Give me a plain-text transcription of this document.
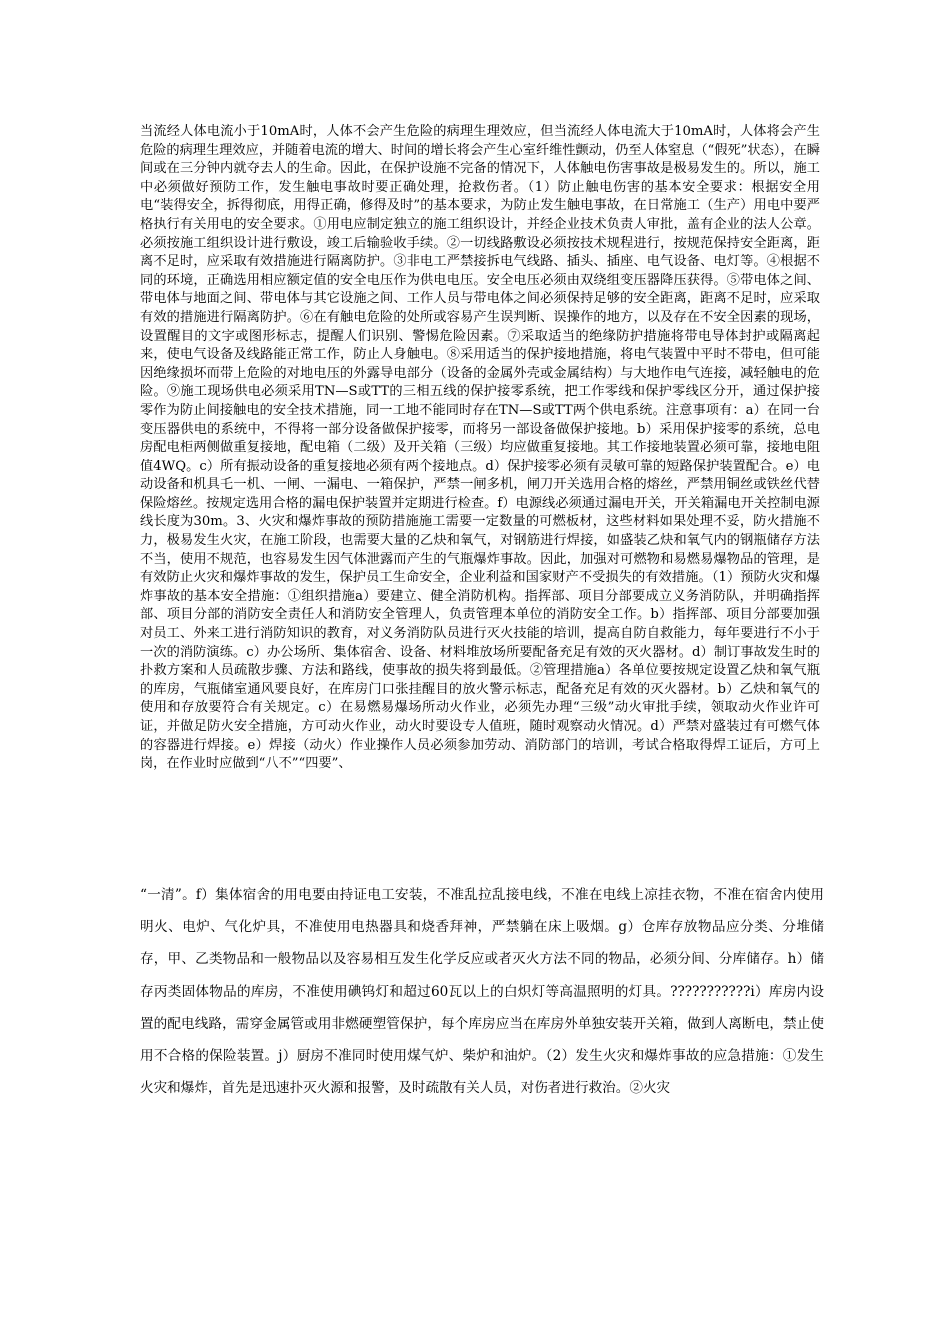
当流经人体电流小于10mA时，人体不会产生危险的病理生理效应，但当流经人体电流大于10mA时，人体将会产生危险的病理生理效应，并随着电流的增大、时间的增长将会产生心室纤维性颤动，仍至人体窒息（“假死”状态），在瞬间或在三分钟内就夺去人的生命。因此，在保护设施不完备的情况下，人体触电伤害事故是极易发生的。所以，施工中必须做好预防工作，发生触电事故时要正确处理，抢救伤者。（1）防止触电伤害的基本安全要求：根据安全用电“装得安全，拆得彻底，用得正确，修得及时”的基本要求，为防止发生触电事故，在日常施工（生产）用电中要严格执行有关用电的安全要求。①用电应制定独立的施工组织设计，并经企业技术负责人审批，盖有企业的法人公章。必须按施工组织设计进行敷设，竣工后输验收手续。②一切线路敷设必须按技术规程进行，按规范保持安全距离，距离不足时，应采取有效措施进行隔离防护。③非电工严禁接拆电气线路、插头、插座、电气设备、电灯等。④根据不同的环境，正确选用相应额定值的安全电压作为供电电压。安全电压必须由双绕组变压器降压获得。⑤带电体之间、带电体与地面之间、带电体与其它设施之间、工作人员与带电体之间必须保持足够的安全距离，距离不足时，应采取有效的措施进行隔离防护。⑥在有触电危险的处所或容易产生误判断、误操作的地方，以及存在不安全因素的现场，设置醒目的文字或图形标志，提醒人们识别、警惕危险因素。⑦采取适当的绝缘防护措施将带电导体封护或隔离起来，使电气设备及线路能正常工作，防止人身触电。⑧采用适当的保护接地措施，将电气装置中平时不带电，但可能因绝缘损坏而带上危险的对地电压的外露导电部分（设备的金属外壳或金属结构）与大地作电气连接，减轻触电的危险。⑨施工现场供电必须采用TN—S或TT的三相五线的保护接零系统，把工作零线和保护零线区分开，通过保护接零作为防止间接触电的安全技术措施，同一工地不能同时存在TN—S或TT两个供电系统。注意事项有：a）在同一台变压器供电的系统中，不得将一部分设备做保护接零，而将另一部设备做保护接地。b）采用保护接零的系统，总电房配电柜两侧做重复接地，配电箱（二级）及开关箱（三级）均应做重复接地。其工作接地装置必须可靠，接地电阻值4WQ。c）所有振动设备的重复接地必须有两个接地点。d）保护接零必须有灵敏可靠的短路保护装置配合。e）电动设备和机具乇一机、一闸、一漏电、一箱保护，严禁一闸多机，闸刀开关选用合格的熔丝，严禁用铜丝或铁丝代替保险熔丝。按规定选用合格的漏电保护装置并定期进行检查。f）电源线必须通过漏电开关，开关箱漏电开关控制电源线长度为30m。3、火灾和爆炸事故的预防措施施工需要一定数量的可燃板材，这些材料如果处理不妥，防火措施不力，极易发生火灾，在施工阶段，也需要大量的乙炔和氧气，对钢筋进行焊接，如盛装乙炔和氧气内的钢瓶储存方法不当，使用不规范，也容易发生因气体泄露而产生的气瓶爆炸事故。因此，加强对可燃物和易燃易爆物品的管理，是有效防止火灾和爆炸事故的发生，保护员工生命安全，企业利益和国家财产不受损失的有效措施。（1）预防火灾和爆炸事故的基本安全措施：①组织措施a）要建立、健全消防机构。指挥部、项目分部要成立义务消防队，并明确指挥部、项目分部的消防安全责任人和消防安全管理人，负责管理本单位的消防安全工作。b）指挥部、项目分部要加强对员工、外来工进行消防知识的教育，对义务消防队员进行灭火技能的培训，提高自防自救能力，每年要进行不小于一次的消防演练。c）办公场所、集体宿舍、设备、材料堆放场所要配备充足有效的灭火器材。d）制订事故发生时的扑救方案和人员疏散步骤、方法和路线，使事故的损失将到最低。②管理措施a）各单位要按规定设置乙炔和氧气瓶的库房，气瓶储室通风要良好，在库房门口张挂醒目的放火警示标志，配备充足有效的灭火器材。b）乙炔和氧气的使用和存放要符合有关规定。c）在易燃易爆场所动火作业，必须先办理“三级”动火审批手续，领取动火作业许可证，并做足防火安全措施，方可动火作业，动火时要设专人值班，随时观察动火情况。d）严禁对盛装过有可燃气体的容器进行焊接。e）焊接（动火）作业操作人员必须参加劳动、消防部门的培训，考试合格取得焊工证后，方可上岗，在作业时应做到“八不”“四要”、
“一清”。f）集体宿舍的用电要由持证电工安装，不准乱拉乱接电线，不准在电线上凉挂衣物，不准在宿舍内使用明火、电炉、气化炉具，不准使用电热器具和烧香拜神，严禁躺在床上吸烟。g）仓库存放物品应分类、分堆储存，甲、乙类物品和一般物品以及容易相互发生化学反应或者灭火方法不同的物品，必须分间、分库储存。h）储存丙类固体物品的库房，不准使用碘钨灯和超过60瓦以上的白炽灯等高温照明的灯具。???????????i）库房内设置的配电线路，需穿金属管或用非燃硬塑管保护，每个库房应当在库房外单独安装开关箱，做到人离断电，禁止使用不合格的保险装置。j）厨房不准同时使用煤气炉、柴炉和油炉。（2）发生火灾和爆炸事故的应急措施：①发生火灾和爆炸，首先是迅速扑灭火源和报警，及时疏散有关人员，对伤者进行救治。②火灾
